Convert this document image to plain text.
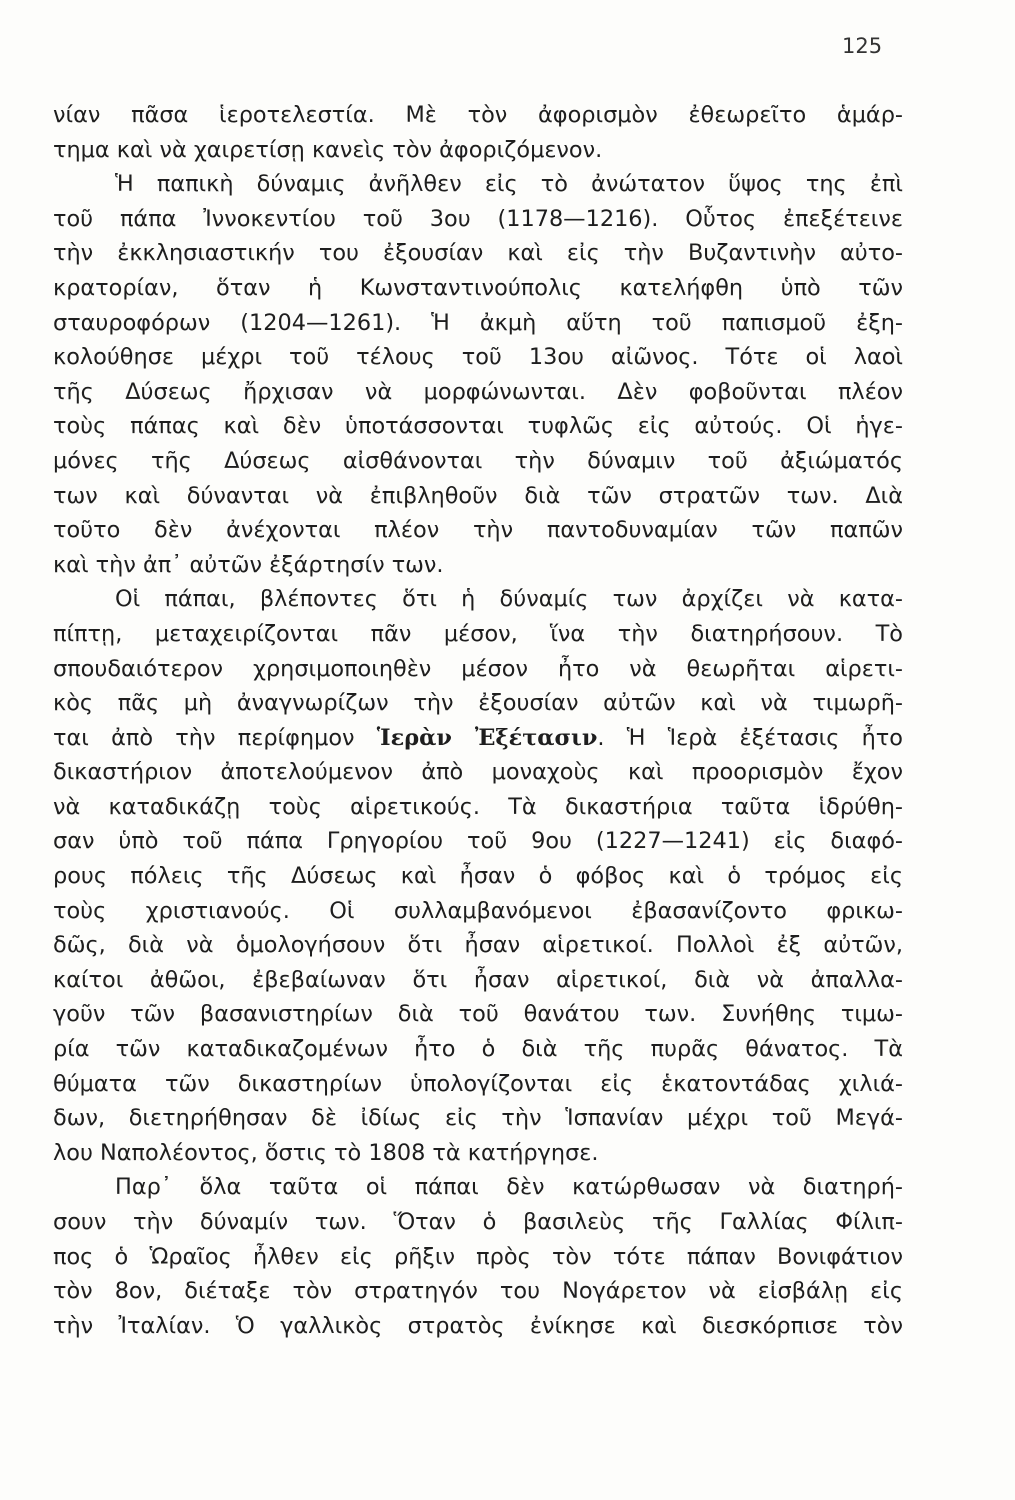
125
νίαν πᾶσα ἱεροτελεστία. Μὲ τὸν ἀφορισμὸν ἐθεωρεῖτο ἁμάρ-
τημα καὶ νὰ χαιρετίσῃ κανεὶς τὸν ἀφοριζόμενον.
Ἡ παπικὴ δύναμις ἀνῆλθεν εἰς τὸ ἀνώτατον ὕψος της ἐπὶ
τοῦ πάπα Ἰννοκεντίου τοῦ 3ου (1178—1216). Οὗτος ἐπεξέτεινε
τὴν ἐκκλησιαστικήν του ἐξουσίαν καὶ εἰς τὴν Βυζαντινὴν αὐτο-
κρατορίαν, ὅταν ἡ Κωνσταντινούπολις κατελήφθη ὑπὸ τῶν
σταυροφόρων (1204—1261). Ἡ ἀκμὴ αὕτη τοῦ παπισμοῦ ἐξη-
κολούθησε μέχρι τοῦ τέλους τοῦ 13ου αἰῶνος. Τότε οἱ λαοὶ
τῆς Δύσεως ἤρχισαν νὰ μορφώνωνται. Δὲν φοβοῦνται πλέον
τοὺς πάπας καὶ δὲν ὑποτάσσονται τυφλῶς εἰς αὐτούς. Οἱ ἡγε-
μόνες τῆς Δύσεως αἰσθάνονται τὴν δύναμιν τοῦ ἀξιώματός
των καὶ δύνανται νὰ ἐπιβληθοῦν διὰ τῶν στρατῶν των. Διὰ
τοῦτο δὲν ἀνέχονται πλέον τὴν παντοδυναμίαν τῶν παπῶν
καὶ τὴν ἀπ᾽ αὐτῶν ἐξάρτησίν των.
Οἱ πάπαι, βλέποντες ὅτι ἡ δύναμίς των ἀρχίζει νὰ κατα-
πίπτῃ, μεταχειρίζονται πᾶν μέσον, ἵνα τὴν διατηρήσουν. Τὸ
σπουδαιότερον χρησιμοποιηθὲν μέσον ἦτο νὰ θεωρῆται αἱρετι-
κὸς πᾶς μὴ ἀναγνωρίζων τὴν ἐξουσίαν αὐτῶν καὶ νὰ τιμωρῆ-
ται ἀπὸ τὴν περίφημον Ἱερὰν Ἐξέτασιν. Ἡ Ἱερὰ ἐξέτασις ἦτο
δικαστήριον ἀποτελούμενον ἀπὸ μοναχοὺς καὶ προορισμὸν ἔχον
νὰ καταδικάζῃ τοὺς αἱρετικούς. Τὰ δικαστήρια ταῦτα ἱδρύθη-
σαν ὑπὸ τοῦ πάπα Γρηγορίου τοῦ 9ου (1227—1241) εἰς διαφό-
ρους πόλεις τῆς Δύσεως καὶ ἦσαν ὁ φόβος καὶ ὁ τρόμος εἰς
τοὺς χριστιανούς. Οἱ συλλαμβανόμενοι ἐβασανίζοντο φρικω-
δῶς, διὰ νὰ ὁμολογήσουν ὅτι ἦσαν αἱρετικοί. Πολλοὶ ἐξ αὐτῶν,
καίτοι ἀθῶοι, ἐβεβαίωναν ὅτι ἦσαν αἱρετικοί, διὰ νὰ ἀπαλλα-
γοῦν τῶν βασανιστηρίων διὰ τοῦ θανάτου των. Συνήθης τιμω-
ρία τῶν καταδικαζομένων ἦτο ὁ διὰ τῆς πυρᾶς θάνατος. Τὰ
θύματα τῶν δικαστηρίων ὑπολογίζονται εἰς ἑκατοντάδας χιλιά-
δων, διετηρήθησαν δὲ ἰδίως εἰς τὴν Ἱσπανίαν μέχρι τοῦ Μεγά-
λου Ναπολέοντος, ὅστις τὸ 1808 τὰ κατήργησε.
Παρ᾽ ὅλα ταῦτα οἱ πάπαι δὲν κατώρθωσαν νὰ διατηρή-
σουν τὴν δύναμίν των. Ὅταν ὁ βασιλεὺς τῆς Γαλλίας Φίλιπ-
πος ὁ Ὡραῖος ἦλθεν εἰς ρῆξιν πρὸς τὸν τότε πάπαν Βονιφάτιον
τὸν 8ον, διέταξε τὸν στρατηγόν του Νογάρετον νὰ εἰσβάλῃ εἰς
τὴν Ἰταλίαν. Ὁ γαλλικὸς στρατὸς ἐνίκησε καὶ διεσκόρπισε τὸν
